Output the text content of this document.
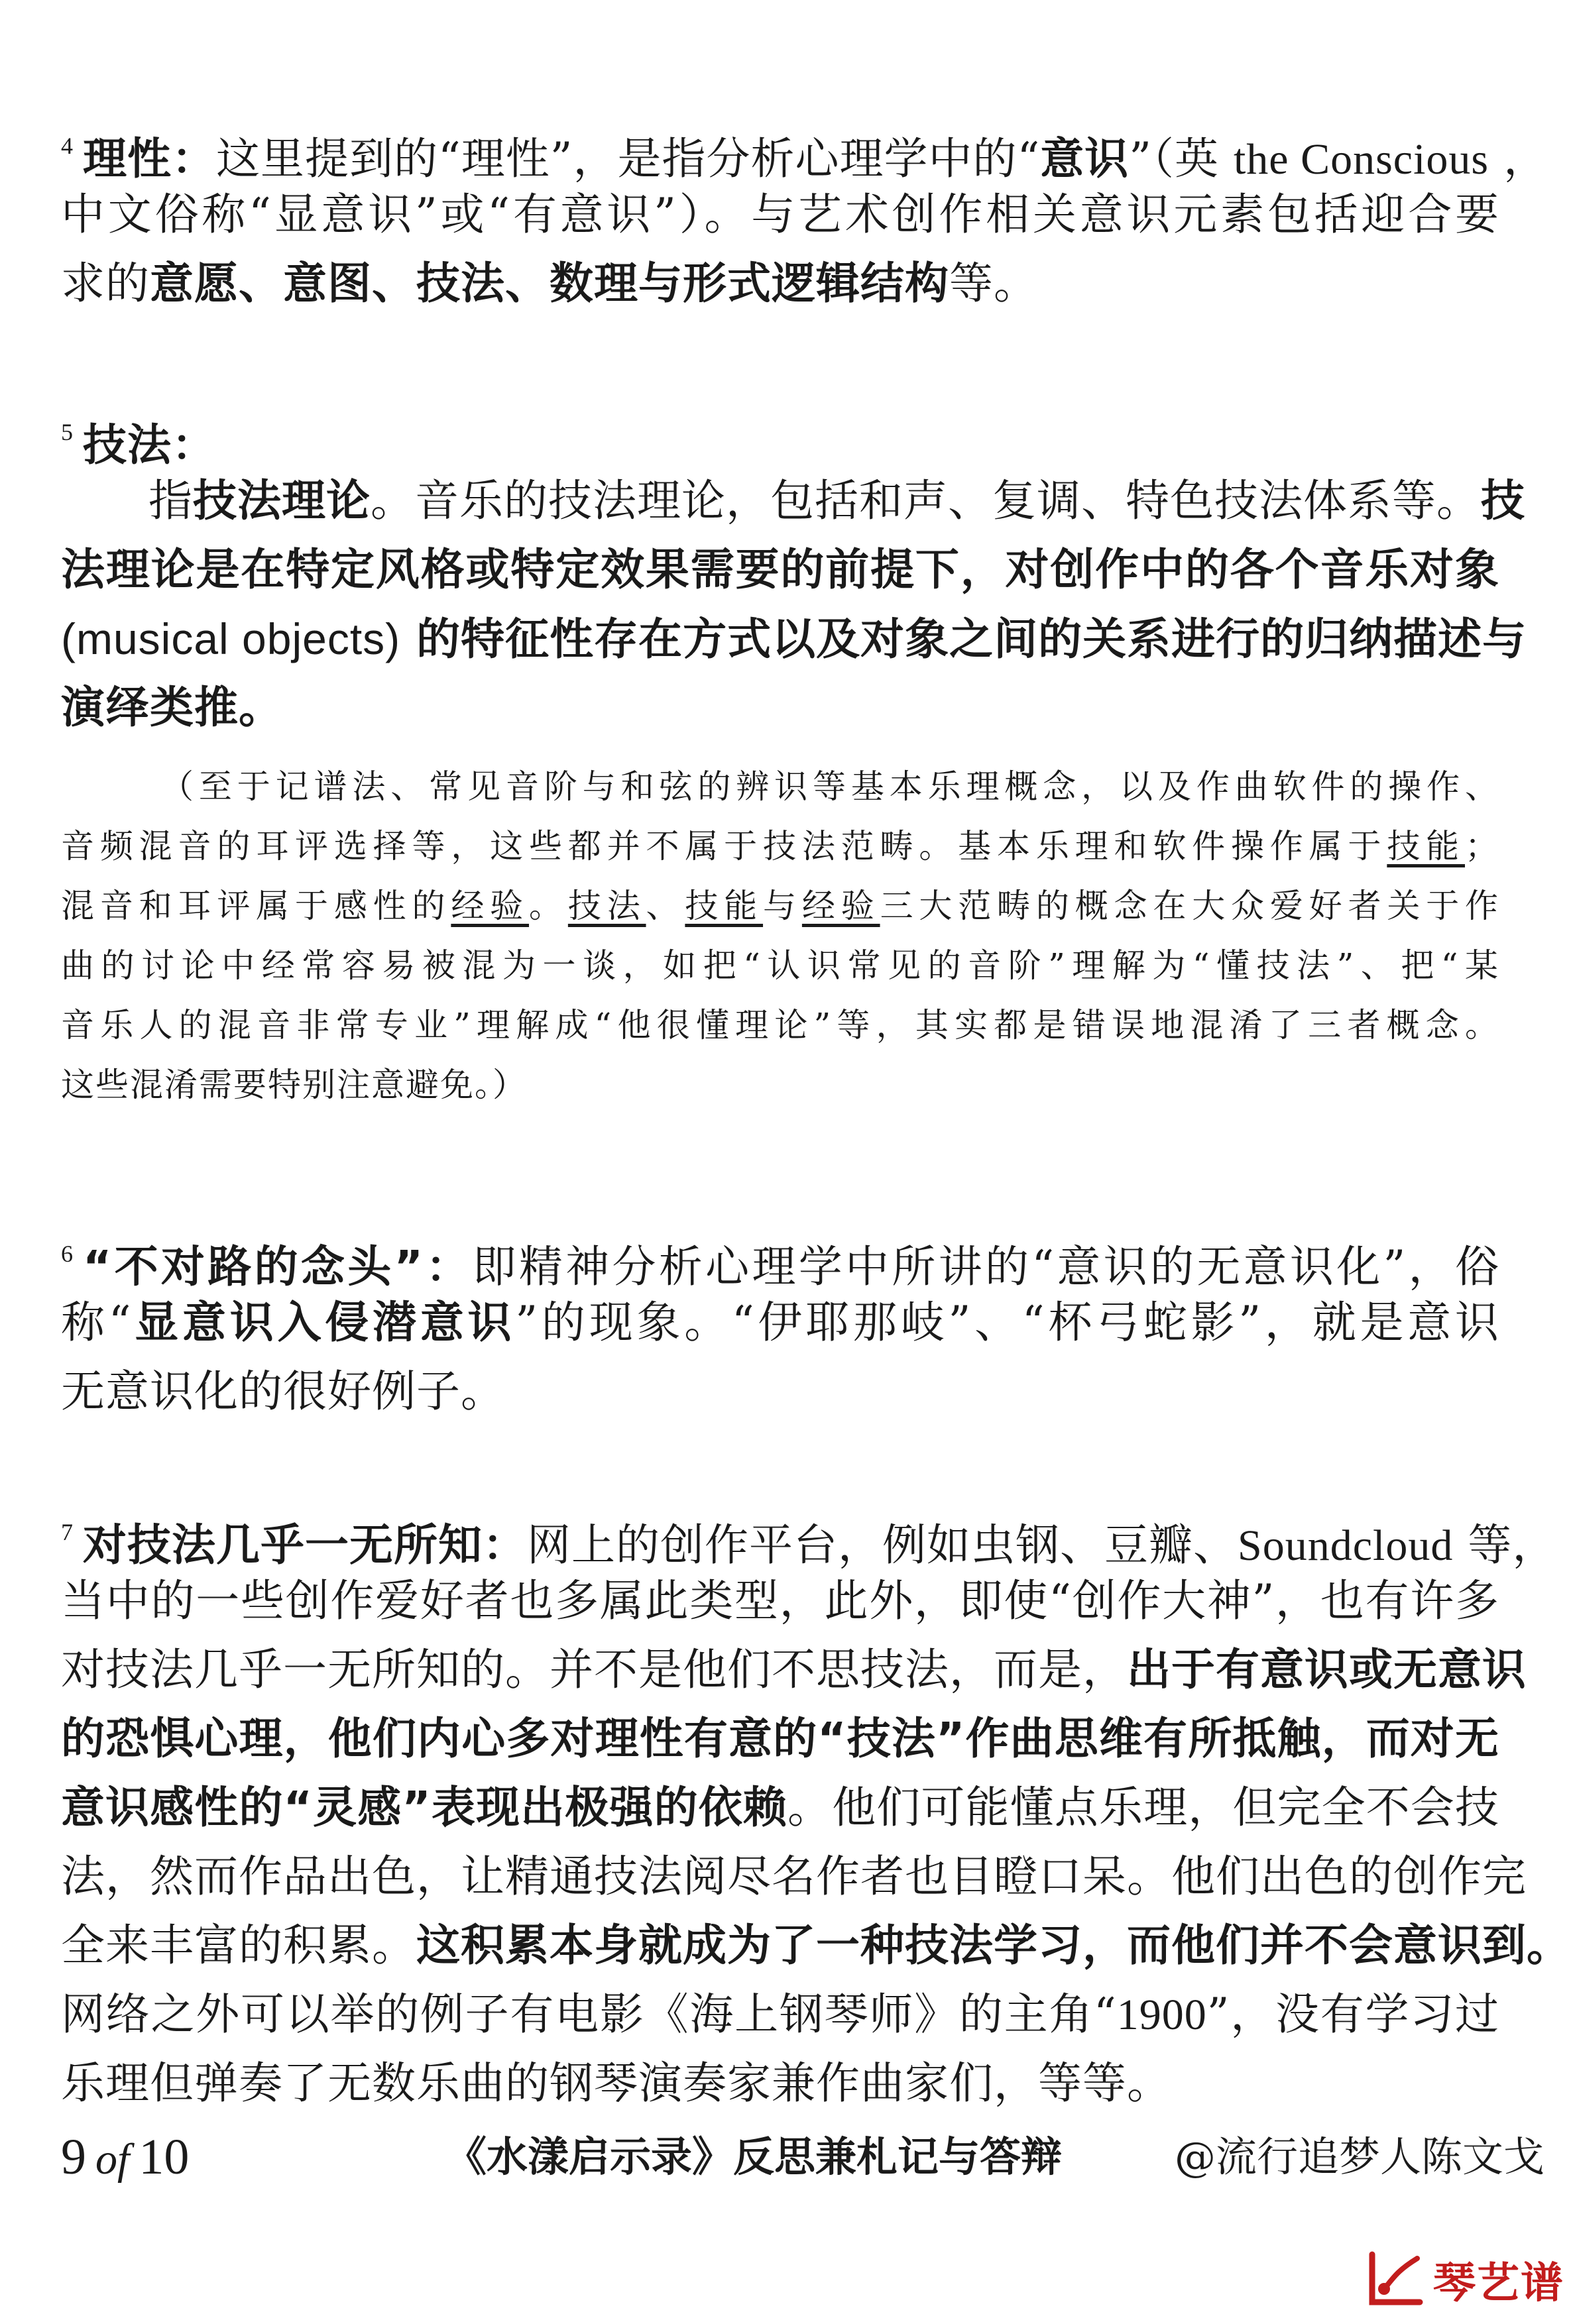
$^4$ 理性：这里提到的“理性”，是指分析心理学中的“意识”（英 the Conscious ，
中文俗称“显意识”或“有意识”）。与艺术创作相关意识元素包括迎合要
求的意愿、意图、技法、数理与形式逻辑结构等。
$^5$ 技法：
指技法理论。音乐的技法理论，包括和声、复调、特色技法体系等。技
法理论是在特定风格或特定效果需要的前提下，对创作中的各个音乐对象
(musical objects) 的特征性存在方式以及对象之间的关系进行的归纳描述与
演绎类推。
（至于记谱法、常见音阶与和弦的辨识等基本乐理概念，以及作曲软件的操作、
音频混音的耳评选择等，这些都并不属于技法范畴。基本乐理和软件操作属于技能；
混音和耳评属于感性的经验。技法、技能与经验三大范畴的概念在大众爱好者关于作
曲的讨论中经常容易被混为一谈，如把“认识常见的音阶”理解为“懂技法”、把“某
音乐人的混音非常专业”理解成“他很懂理论”等，其实都是错误地混淆了三者概念。
这些混淆需要特别注意避免。）
$^6$ “不对路的念头”：即精神分析心理学中所讲的“意识的无意识化”，俗
称“显意识入侵潜意识”的现象。“伊耶那岐”、“杯弓蛇影”，就是意识
无意识化的很好例子。
$^7$ 对技法几乎一无所知：网上的创作平台，例如虫钢、豆瓣、Soundcloud 等，
当中的一些创作爱好者也多属此类型，此外，即使“创作大神”，也有许多
对技法几乎一无所知的。并不是他们不思技法，而是，出于有意识或无意识
的恐惧心理，他们内心多对理性有意的“技法”作曲思维有所抵触，而对无
意识感性的“灵感”表现出极强的依赖。他们可能懂点乐理，但完全不会技
法，然而作品出色，让精通技法阅尽名作者也目瞪口呆。他们出色的创作完
全来丰富的积累。这积累本身就成为了一种技法学习，而他们并不会意识到。
网络之外可以举的例子有电影《海上钢琴师》的主角“1900”，没有学习过
乐理但弹奏了无数乐曲的钢琴演奏家兼作曲家们，等等。
9 of 10	《水漾启示录》反思兼札记与答辩	@流行追梦人陈文戈
琴艺谱
